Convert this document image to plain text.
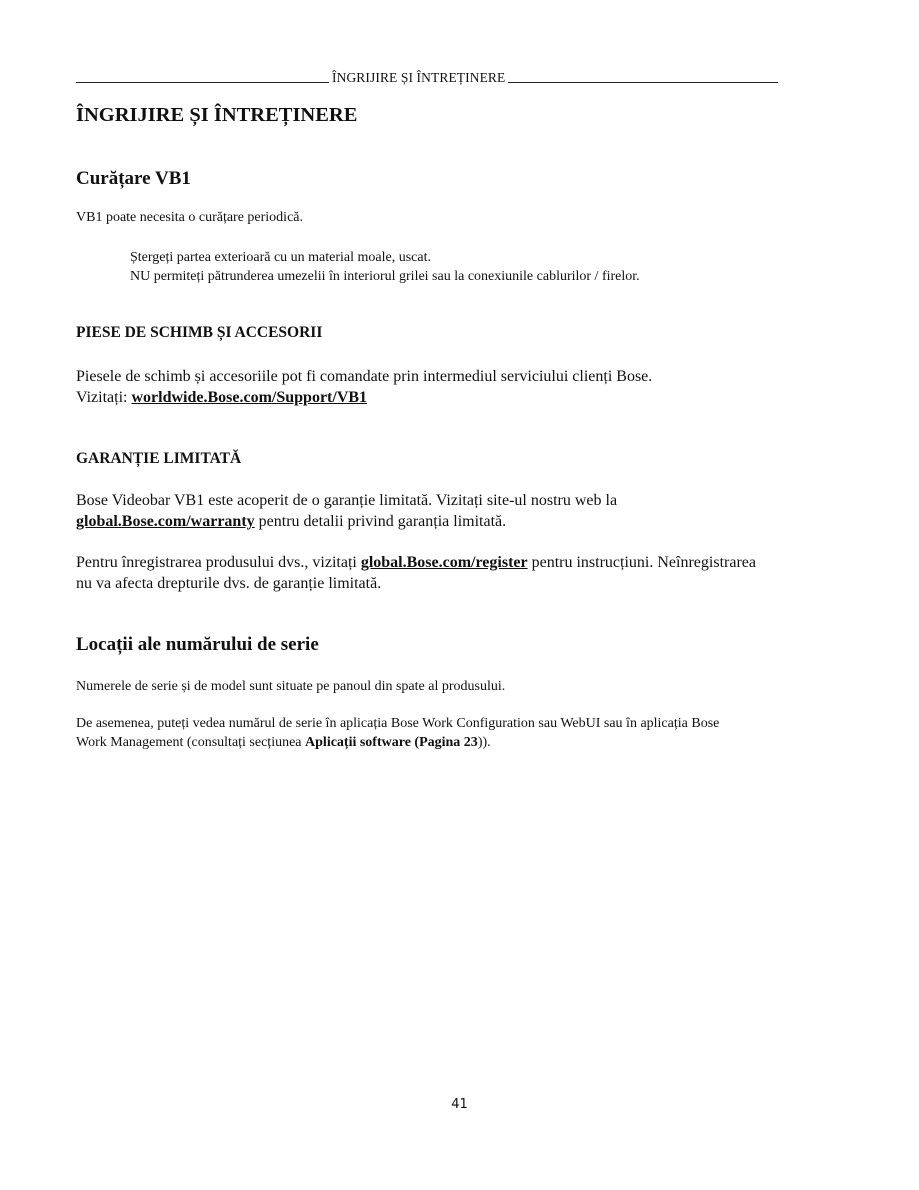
ÎNGRIJIRE ȘI ÎNTREȚINERE
ÎNGRIJIRE ȘI ÎNTREȚINERE
Curățare VB1
VB1 poate necesita o curățare periodică.
Ștergeți partea exterioară cu un material moale, uscat.
NU permiteți pătrunderea umezelii în interiorul grilei sau la conexiunile cablurilor / firelor.
PIESE DE SCHIMB ȘI ACCESORII
Piesele de schimb și accesoriile pot fi comandate prin intermediul serviciului clienți Bose.
Vizitați: worldwide.Bose.com/Support/VB1
GARANȚIE LIMITATĂ
Bose Videobar VB1 este acoperit de o garanție limitată. Vizitați site-ul nostru web la
global.Bose.com/warranty pentru detalii privind garanția limitată.
Pentru înregistrarea produsului dvs., vizitați global.Bose.com/register pentru instrucțiuni. Neînregistrarea
nu va afecta drepturile dvs. de garanție limitată.
Locații ale numărului de serie
Numerele de serie și de model sunt situate pe panoul din spate al produsului.
De asemenea, puteți vedea numărul de serie în aplicația Bose Work Configuration sau WebUI sau în aplicația Bose
Work Management (consultați secțiunea Aplicații software (Pagina 23)).
41
